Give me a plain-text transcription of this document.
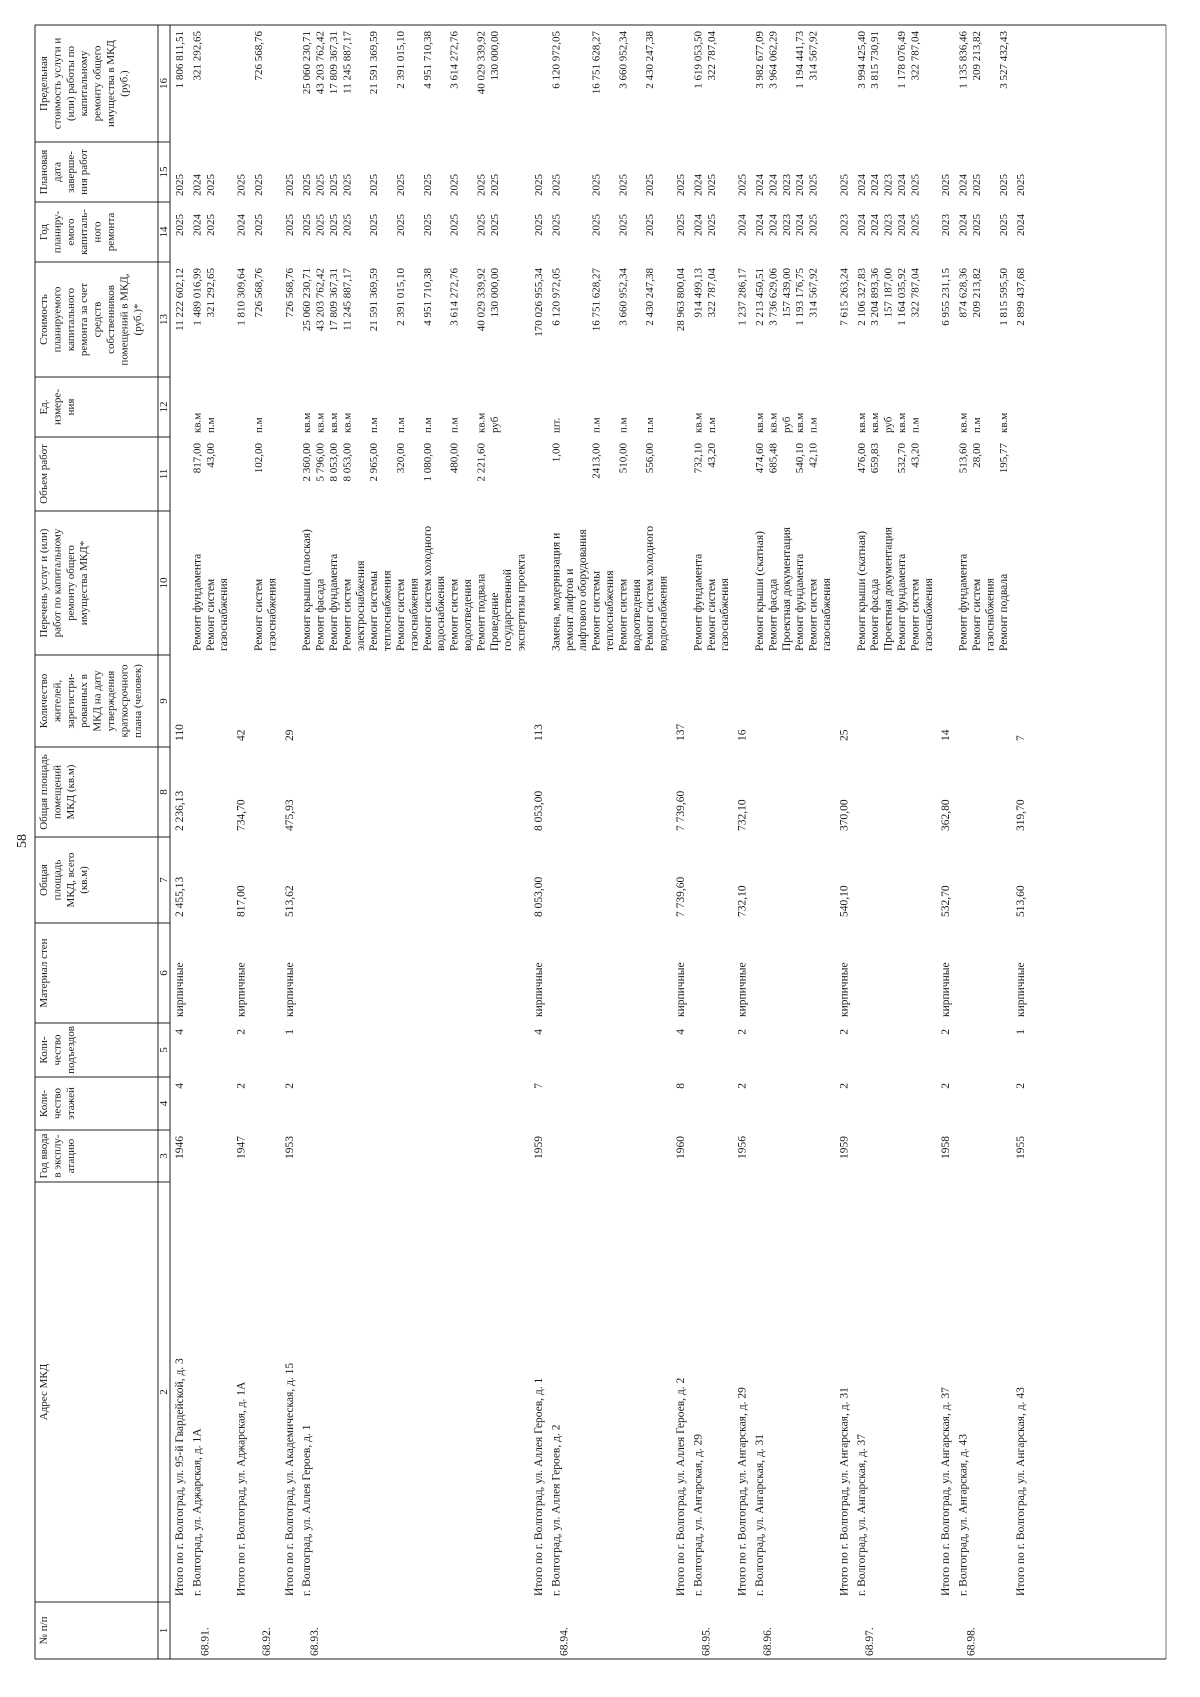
58
№ п/п
Адрес МКД
Год ввода в эксплу- атацию
Коли- чество этажей
Коли- чество подъездов
Материал стен
Общая площадь МКД, всего (кв.м)
Общая площадь помещений МКД (кв.м)
Количество жителей, зарегистри- рованных в МКД на дату утверждения краткосрочного плана (человек)
Перечень услуг и (или) работ по капитальному ремонту общего имущества МКД*
Объем работ
Ед. измере- ния
Стоимость планируемого капитального ремонта за счет средств собственников помещений в МКД, (руб.)*
Год планиру- емого капиталь- ного ремонта
Плановая дата заверше- ния работ
Предельная стоимость услуги и (или) работы по капитальному ремонту общего имущества в МКД (руб.)
1
2
3
4
5
6
7
8
9
10
11
12
13
14
15
16
Итого по г. Волгоград, ул. 95-й Гвардейской, д. 3
1946
4
4
кирпичные
2 455,13
2 236,13
110
11 222 602,12
2025
2025
1 806 811,51
68.91.
г. Волгоград, ул. Аджарская, д. 1А
Ремонт фундамента
817,00
кв.м
1 489 016,99
2024
2024
321 292,65
Ремонт систем газоснабжения
43,00
п.м
321 292,65
2025
2025
Итого по г. Волгоград, ул. Аджарская, д. 1А
1947
2
2
кирпичные
817,00
734,70
42
1 810 309,64
2024
2025
68.92.
Ремонт систем газоснабжения
102,00
п.м
726 568,76
2025
2025
726 568,76
Итого по г. Волгоград, ул. Академическая, д. 15
1953
2
1
кирпичные
513,62
475,93
29
726 568,76
2025
2025
68.93.
г. Волгоград, ул. Аллея Героев, д. 1
Ремонт крыши (плоская)
2 360,00
кв.м
25 060 230,71
2025
2025
25 060 230,71
Ремонт фасада
5 796,00
кв.м
43 203 762,42
2025
2025
43 203 762,42
Ремонт фундамента
8 053,00
кв.м
17 809 367,31
2025
2025
17 809 367,31
Ремонт систем электроснабжения
8 053,00
кв.м
11 245 887,17
2025
2025
11 245 887,17
Ремонт системы теплоснабжения
2 965,00
п.м
21 591 369,59
2025
2025
21 591 369,59
Ремонт систем газоснабжения
320,00
п.м
2 391 015,10
2025
2025
2 391 015,10
Ремонт систем холодного водоснабжения
1 080,00
п.м
4 951 710,38
2025
2025
4 951 710,38
Ремонт систем водоотведения
480,00
п.м
3 614 272,76
2025
2025
3 614 272,76
Ремонт подвала
2 221,60
кв.м
40 029 339,92
2025
2025
40 029 339,92
Проведение государственной экспертизы проекта
руб
130 000,00
2025
2025
130 000,00
Итого по г. Волгоград, ул. Аллея Героев, д. 1
1959
7
4
кирпичные
8 053,00
8 053,00
113
170 026 955,34
2025
2025
68.94.
г. Волгоград, ул. Аллея Героев, д. 2
Замена, модернизация и ремонт лифтов и лифтового оборудования
1,00
шт.
6 120 972,05
2025
2025
6 120 972,05
Ремонт системы теплоснабжения
2413,00
п.м
16 751 628,27
2025
2025
16 751 628,27
Ремонт систем водоотведения
510,00
п.м
3 660 952,34
2025
2025
3 660 952,34
Ремонт систем холодного водоснабжения
556,00
п.м
2 430 247,38
2025
2025
2 430 247,38
Итого по г. Волгоград, ул. Аллея Героев, д. 2
1960
8
4
кирпичные
7 739,60
7 739,60
137
28 963 800,04
2025
2025
68.95.
г. Волгоград, ул. Ангарская, д. 29
Ремонт фундамента
732,10
кв.м
914 499,13
2024
2024
1 619 053,50
Ремонт систем газоснабжения
43,20
п.м
322 787,04
2025
2025
322 787,04
Итого по г. Волгоград, ул. Ангарская, д. 29
1956
2
2
кирпичные
732,10
732,10
16
1 237 286,17
2024
2025
68.96.
г. Волгоград, ул. Ангарская, д. 31
Ремонт крыши (скатная)
474,60
кв.м
2 213 450,51
2024
2024
3 982 677,09
Ремонт фасада
685,48
кв.м
3 736 629,06
2024
2024
3 964 062,29
Проектная документация
руб
157 439,00
2023
2023
Ремонт фундамента
540,10
кв.м
1 193 176,75
2024
2024
1 194 441,73
Ремонт систем газоснабжения
42,10
п.м
314 567,92
2025
2025
314 567,92
Итого по г. Волгоград, ул. Ангарская, д. 31
1959
2
2
кирпичные
540,10
370,00
25
7 615 263,24
2023
2025
68.97.
г. Волгоград, ул. Ангарская, д. 37
Ремонт крыши (скатная)
476,00
кв.м
2 106 327,83
2024
2024
3 994 425,40
Ремонт фасада
659,83
кв.м
3 204 893,36
2024
2024
3 815 730,91
Проектная документация
руб
157 187,00
2023
2023
Ремонт фундамента
532,70
кв.м
1 164 035,92
2024
2024
1 178 076,49
Ремонт систем газоснабжения
43,20
п.м
322 787,04
2025
2025
322 787,04
Итого по г. Волгоград, ул. Ангарская, д. 37
1958
2
2
кирпичные
532,70
362,80
14
6 955 231,15
2023
2025
68.98.
г. Волгоград, ул. Ангарская, д. 43
Ремонт фундамента
513,60
кв.м
874 628,36
2024
2024
1 135 836,46
Ремонт систем газоснабжения
28,00
п.м
209 213,82
2025
2025
209 213,82
Ремонт подвала
195,77
кв.м
1 815 595,50
2025
2025
3 527 432,43
Итого по г. Волгоград, ул. Ангарская, д. 43
1955
2
1
кирпичные
513,60
319,70
7
2 899 437,68
2024
2025
